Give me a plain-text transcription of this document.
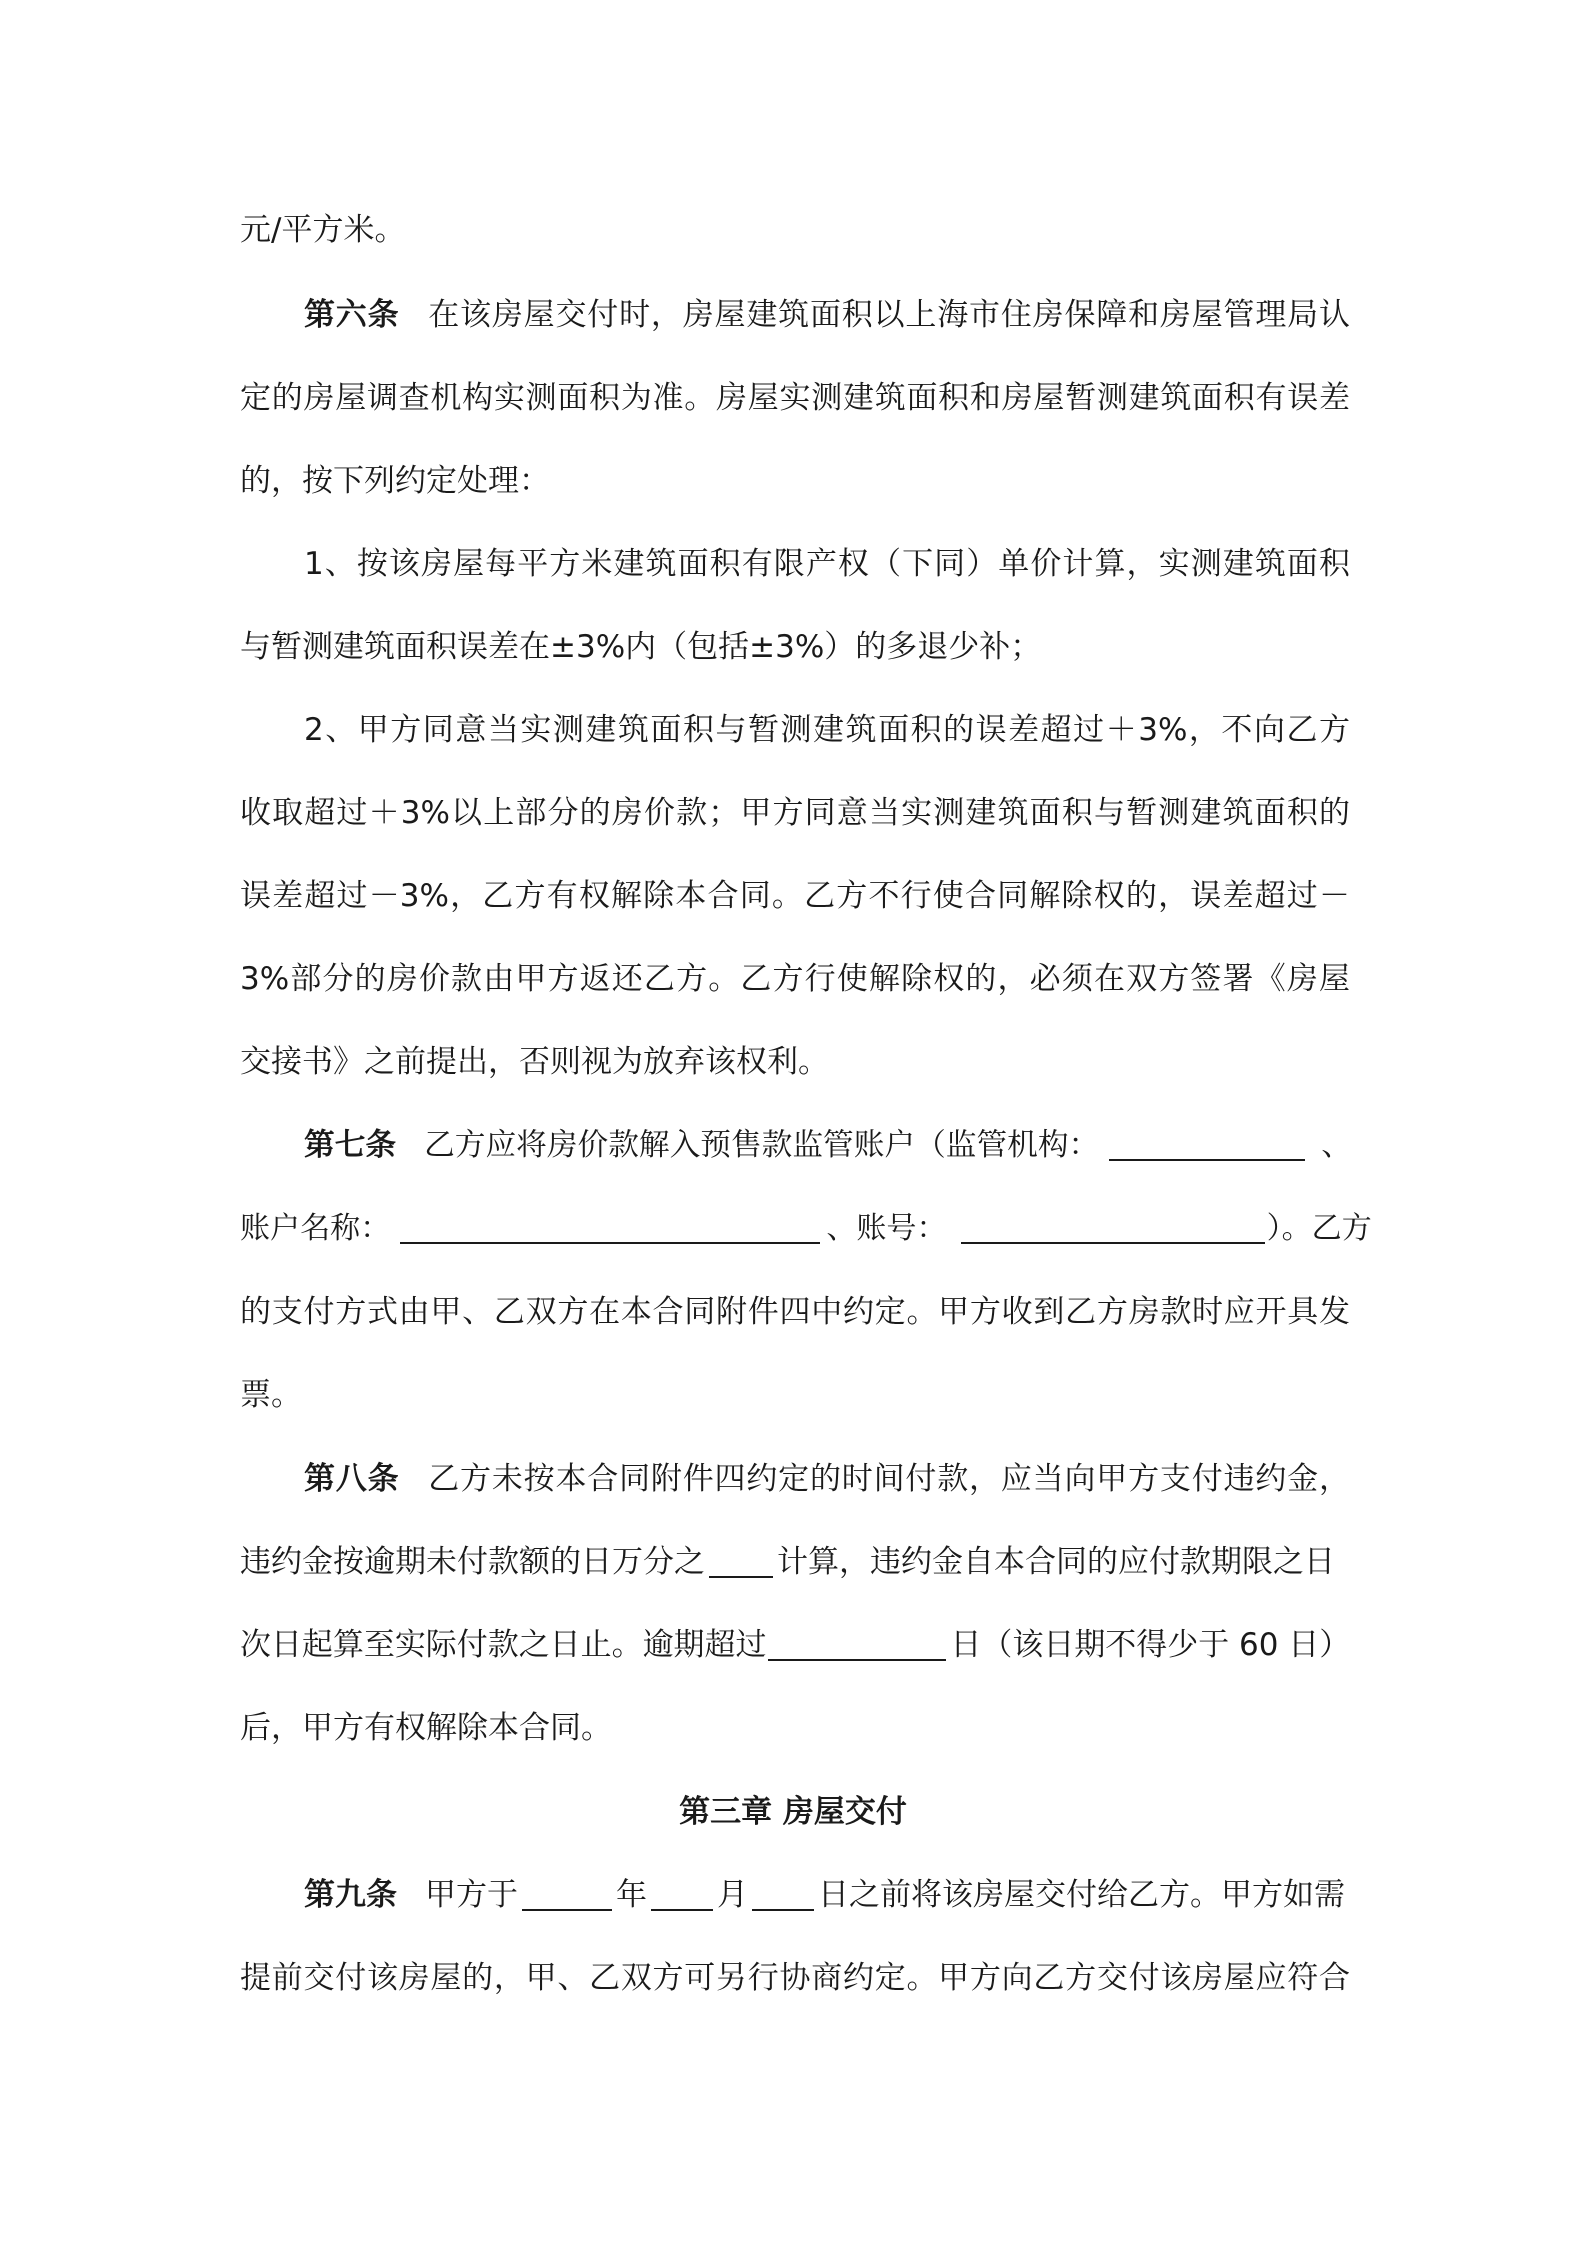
元/平方米。
第六条 在该房屋交付时，房屋建筑面积以上海市住房保障和房屋管理局认
定的房屋调查机构实测面积为准。房屋实测建筑面积和房屋暂测建筑面积有误差
的，按下列约定处理：
1、按该房屋每平方米建筑面积有限产权（下同）单价计算，实测建筑面积
与暂测建筑面积误差在±3%内（包括±3%）的多退少补；
2、甲方同意当实测建筑面积与暂测建筑面积的误差超过＋3%，不向乙方
收取超过＋3%以上部分的房价款；甲方同意当实测建筑面积与暂测建筑面积的
误差超过－3%，乙方有权解除本合同。乙方不行使合同解除权的，误差超过－
3%部分的房价款由甲方返还乙方。乙方行使解除权的，必须在双方签署《房屋
交接书》之前提出，否则视为放弃该权利。
第七条 乙方应将房价款解入预售款监管账户（监管机构：	、
账户名称：	、账号：	）。乙方
的支付方式由甲、乙双方在本合同附件四中约定。甲方收到乙方房款时应开具发
票。
第八条 乙方未按本合同附件四约定的时间付款，应当向甲方支付违约金，
违约金按逾期未付款额的日万分之 计算，违约金自本合同的应付款期限之日
次日起算至实际付款之日止。逾期超过	日（该日期不得少于 60 日）
后，甲方有权解除本合同。
第三章 房屋交付
第九条 甲方于	年 月 日之前将该房屋交付给乙方。甲方如需
提前交付该房屋的，甲、乙双方可另行协商约定。甲方向乙方交付该房屋应符合
